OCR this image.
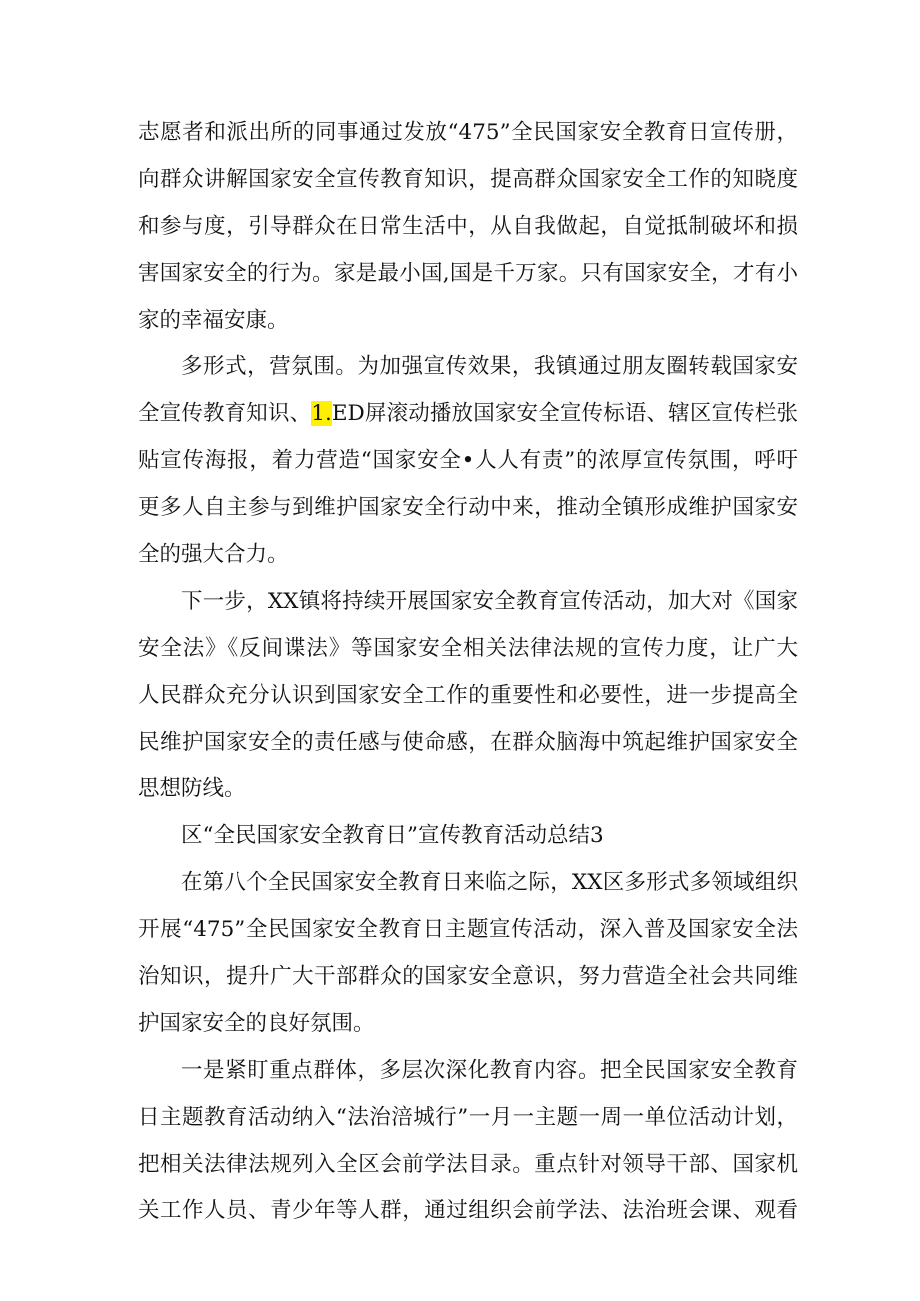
志愿者和派出所的同事通过发放“475”全民国家安全教育日宣传册，
向群众讲解国家安全宣传教育知识，提高群众国家安全工作的知晓度
和参与度，引导群众在日常生活中，从自我做起，自觉抵制破坏和损
害国家安全的行为。家是最小国,国是千万家。只有国家安全，才有小
家的幸福安康。
多形式，营氛围。为加强宣传效果，我镇通过朋友圈转载国家安
全宣传教育知识、1.ED屏滚动播放国家安全宣传标语、辖区宣传栏张
贴宣传海报，着力营造“国家安全•人人有责”的浓厚宣传氛围，呼吁
更多人自主参与到维护国家安全行动中来，推动全镇形成维护国家安
全的强大合力。
下一步，XX镇将持续开展国家安全教育宣传活动，加大对《国家
安全法》《反间谍法》等国家安全相关法律法规的宣传力度，让广大
人民群众充分认识到国家安全工作的重要性和必要性，进一步提高全
民维护国家安全的责任感与使命感，在群众脑海中筑起维护国家安全
思想防线。
区“全民国家安全教育日”宣传教育活动总结3
在第八个全民国家安全教育日来临之际，XX区多形式多领域组织
开展“475”全民国家安全教育日主题宣传活动，深入普及国家安全法
治知识，提升广大干部群众的国家安全意识，努力营造全社会共同维
护国家安全的良好氛围。
一是紧盯重点群体，多层次深化教育内容。把全民国家安全教育
日主题教育活动纳入“法治涪城行”一月一主题一周一单位活动计划，
把相关法律法规列入全区会前学法目录。重点针对领导干部、国家机
关工作人员、青少年等人群，通过组织会前学法、法治班会课、观看
